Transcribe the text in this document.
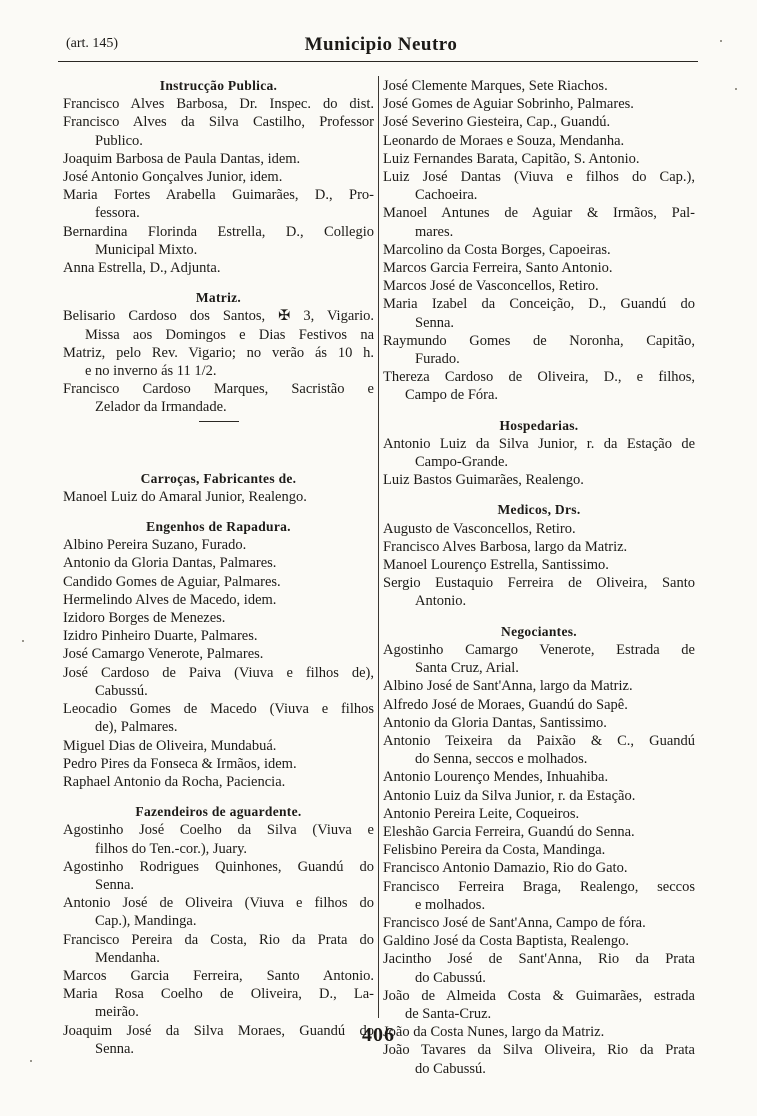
(art. 145)	Municipio Neutro
Instrucção Publica.
Francisco Alves Barbosa, Dr. Inspec. do dist.
Francisco Alves da Silva Castilho, Professor
Publico.
Joaquim Barbosa de Paula Dantas, idem.
José Antonio Gonçalves Junior, idem.
Maria Fortes Arabella Guimarães, D., Pro-
fessora.
Bernardina Florinda Estrella, D., Collegio
Municipal Mixto.
Anna Estrella, D., Adjunta.
Matriz.
Belisario Cardoso dos Santos, ✠ 3, Vigario.
Missa aos Domingos e Dias Festivos na
Matriz, pelo Rev. Vigario; no verão ás 10 h.
e no inverno ás 11 1/2.
Francisco Cardoso Marques, Sacristão e
Zelador da Irmandade.
Carroças, Fabricantes de.
Manoel Luiz do Amaral Junior, Realengo.
Engenhos de Rapadura.
Albino Pereira Suzano, Furado.
Antonio da Gloria Dantas, Palmares.
Candido Gomes de Aguiar, Palmares.
Hermelindo Alves de Macedo, idem.
Izidoro Borges de Menezes.
Izidro Pinheiro Duarte, Palmares.
José Camargo Venerote, Palmares.
José Cardoso de Paiva (Viuva e filhos de),
Cabussú.
Leocadio Gomes de Macedo (Viuva e filhos
de), Palmares.
Miguel Dias de Oliveira, Mundabuá.
Pedro Pires da Fonseca & Irmãos, idem.
Raphael Antonio da Rocha, Paciencia.
Fazendeiros de aguardente.
Agostinho José Coelho da Silva (Viuva e
filhos do Ten.-cor.), Juary.
Agostinho Rodrigues Quinhones, Guandú do
Senna.
Antonio José de Oliveira (Viuva e filhos do
Cap.), Mandinga.
Francisco Pereira da Costa, Rio da Prata do
Mendanha.
Marcos Garcia Ferreira, Santo Antonio.
Maria Rosa Coelho de Oliveira, D., La-
meirão.
Joaquim José da Silva Moraes, Guandú do
Senna.
José Clemente Marques, Sete Riachos.
José Gomes de Aguiar Sobrinho, Palmares.
José Severino Giesteira, Cap., Guandú.
Leonardo de Moraes e Souza, Mendanha.
Luiz Fernandes Barata, Capitão, S. Antonio.
Luiz José Dantas (Viuva e filhos do Cap.),
Cachoeira.
Manoel Antunes de Aguiar & Irmãos, Pal-
mares.
Marcolino da Costa Borges, Capoeiras.
Marcos Garcia Ferreira, Santo Antonio.
Marcos José de Vasconcellos, Retiro.
Maria Izabel da Conceição, D., Guandú do
Senna.
Raymundo Gomes de Noronha, Capitão,
Furado.
Thereza Cardoso de Oliveira, D., e filhos,
Campo de Fóra.
Hospedarias.
Antonio Luiz da Silva Junior, r. da Estação de
Campo-Grande.
Luiz Bastos Guimarães, Realengo.
Medicos, Drs.
Augusto de Vasconcellos, Retiro.
Francisco Alves Barbosa, largo da Matriz.
Manoel Lourenço Estrella, Santissimo.
Sergio Eustaquio Ferreira de Oliveira, Santo
Antonio.
Negociantes.
Agostinho Camargo Venerote, Estrada de
Santa Cruz, Arial.
Albino José de Sant'Anna, largo da Matriz.
Alfredo José de Moraes, Guandú do Sapê.
Antonio da Gloria Dantas, Santissimo.
Antonio Teixeira da Paixão & C., Guandú
do Senna, seccos e molhados.
Antonio Lourenço Mendes, Inhuahiba.
Antonio Luiz da Silva Junior, r. da Estação.
Antonio Pereira Leite, Coqueiros.
Eleshão Garcia Ferreira, Guandú do Senna.
Felisbino Pereira da Costa, Mandinga.
Francisco Antonio Damazio, Rio do Gato.
Francisco Ferreira Braga, Realengo, seccos
e molhados.
Francisco José de Sant'Anna, Campo de fóra.
Galdino José da Costa Baptista, Realengo.
Jacintho José de Sant'Anna, Rio da Prata
do Cabussú.
João de Almeida Costa & Guimarães, estrada
de Santa-Cruz.
João da Costa Nunes, largo da Matriz.
João Tavares da Silva Oliveira, Rio da Prata
do Cabussú.
406
